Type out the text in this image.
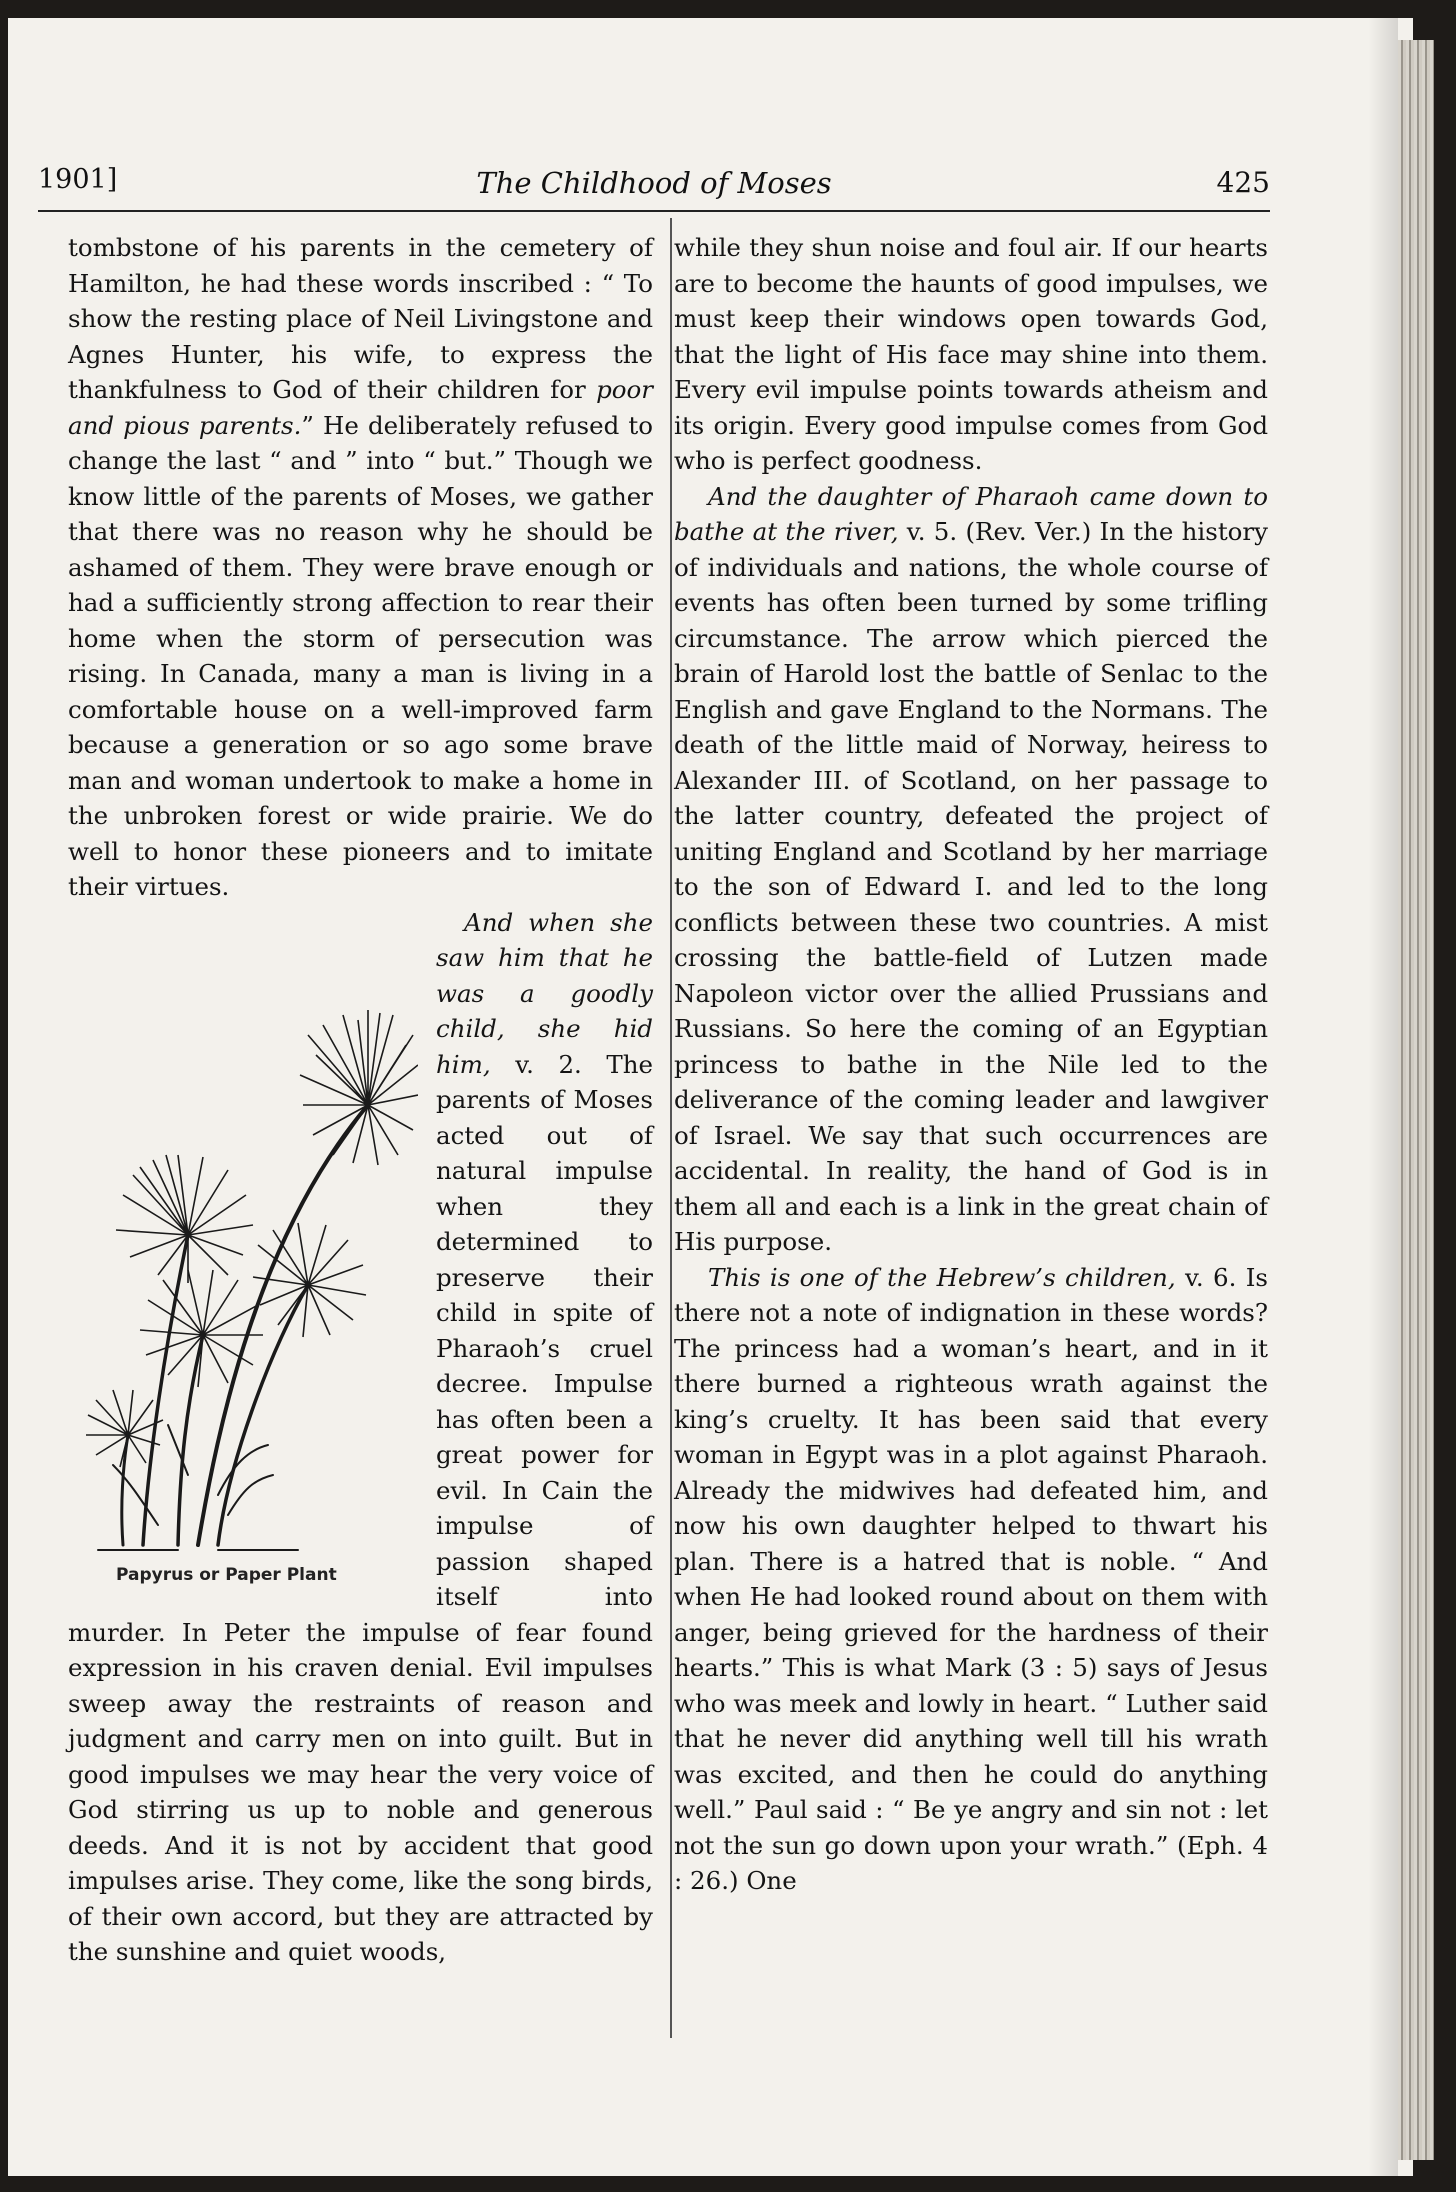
1901]	The Childhood of Moses	425

tombstone of his parents in the cemetery of Hamilton, he had these words inscribed : “ To show the resting place of Neil Livingstone and Agnes Hunter, his wife, to express the thankfulness to God of their children for poor and pious parents.” He deliberately refused to change the last “ and ” into “ but.” Though we know little of the parents of Moses, we gather that there was no reason why he should be ashamed of them. They were brave enough or had a sufficiently strong affection to rear their home when the storm of persecution was rising. In Canada, many a man is living in a comfortable house on a well-improved farm because a generation or so ago some brave man and woman undertook to make a home in the unbroken forest or wide prairie. We do well to honor these pioneers and to imitate their virtues.

Papyrus or Paper Plant

And when she saw him that he was a goodly child, she hid him, v. 2. The parents of Moses acted out of natural impulse when they determined to preserve their child in spite of Pharaoh’s cruel decree. Impulse has often been a great power for evil. In Cain the impulse of passion shaped itself into murder. In Peter the impulse of fear found expression in his craven denial. Evil impulses sweep away the restraints of reason and judgment and carry men on into guilt. But in good impulses we may hear the very voice of God stirring us up to noble and generous deeds. And it is not by accident that good impulses arise. They come, like the song birds, of their own accord, but they are attracted by the sunshine and quiet woods,

while they shun noise and foul air. If our hearts are to become the haunts of good impulses, we must keep their windows open towards God, that the light of His face may shine into them. Every evil impulse points towards atheism and its origin. Every good impulse comes from God who is perfect goodness.

And the daughter of Pharaoh came down to bathe at the river, v. 5. (Rev. Ver.) In the history of individuals and nations, the whole course of events has often been turned by some trifling circumstance. The arrow which pierced the brain of Harold lost the battle of Senlac to the English and gave England to the Normans. The death of the little maid of Norway, heiress to Alexander III. of Scotland, on her passage to the latter country, defeated the project of uniting England and Scotland by her marriage to the son of Edward I. and led to the long conflicts between these two countries. A mist crossing the battle-field of Lutzen made Napoleon victor over the allied Prussians and Russians. So here the coming of an Egyptian princess to bathe in the Nile led to the deliverance of the coming leader and lawgiver of Israel. We say that such occurrences are accidental. In reality, the hand of God is in them all and each is a link in the great chain of His purpose.

This is one of the Hebrew’s children, v. 6. Is there not a note of indignation in these words? The princess had a woman’s heart, and in it there burned a righteous wrath against the king’s cruelty. It has been said that every woman in Egypt was in a plot against Pharaoh. Already the midwives had defeated him, and now his own daughter helped to thwart his plan. There is a hatred that is noble. “ And when He had looked round about on them with anger, being grieved for the hardness of their hearts.” This is what Mark (3 : 5) says of Jesus who was meek and lowly in heart. “ Luther said that he never did anything well till his wrath was excited, and then he could do anything well.” Paul said : “ Be ye angry and sin not : let not the sun go down upon your wrath.” (Eph. 4 : 26.) One
